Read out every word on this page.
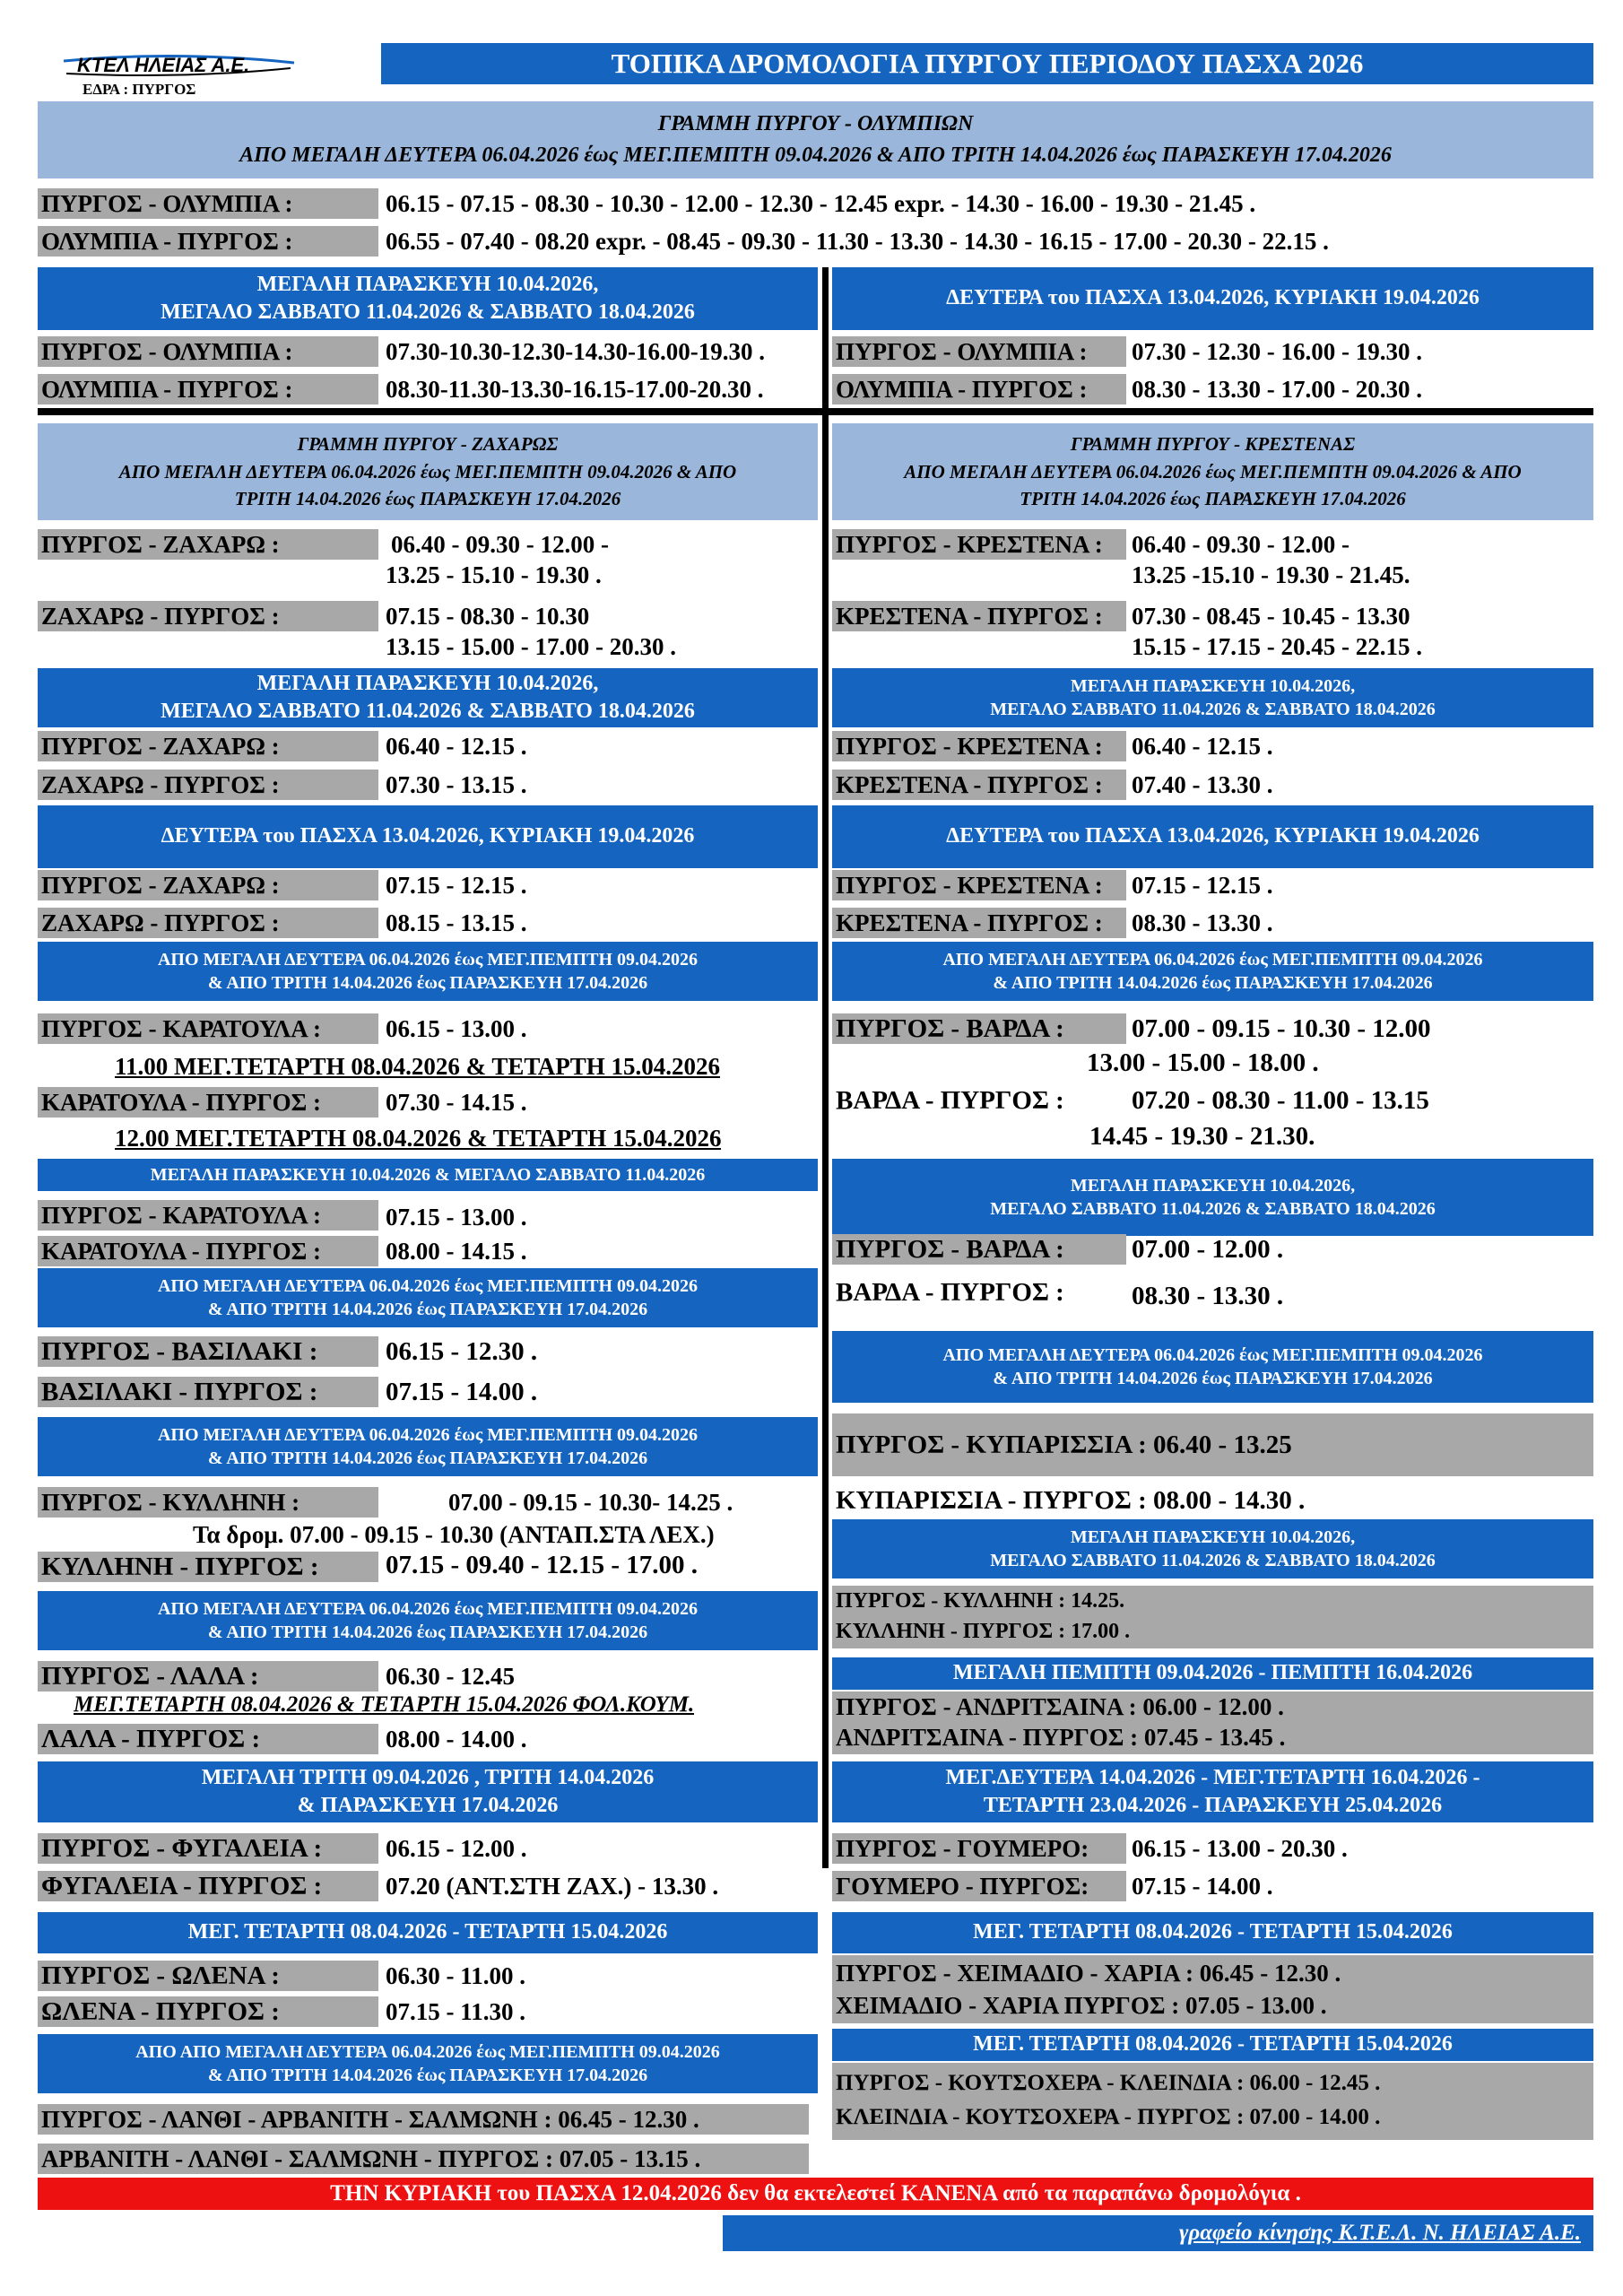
ΚΤΕΛ ΗΛΕΙΑΣ Α.Ε.
ΕΔΡΑ : ΠΥΡΓΟΣ
ΤΟΠΙΚΑ ΔΡΟΜΟΛΟΓΙΑ ΠΥΡΓΟΥ ΠΕΡΙΟΔΟΥ ΠΑΣΧΑ 2026
ΓΡΑΜΜΗ ΠΥΡΓΟΥ - ΟΛΥΜΠΙΩΝ
ΑΠΟ ΜΕΓΑΛΗ ΔΕΥΤΕΡΑ 06.04.2026 έως ΜΕΓ.ΠΕΜΠΤΗ 09.04.2026 & ΑΠΟ ΤΡΙΤΗ 14.04.2026 έως ΠΑΡΑΣΚΕΥΗ 17.04.2026
ΠΥΡΓΟΣ - ΟΛΥΜΠΙΑ :	06.15 - 07.15 - 08.30 - 10.30 - 12.00 - 12.30 - 12.45 expr. - 14.30 - 16.00 - 19.30 - 21.45 .
ΟΛΥΜΠΙΑ - ΠΥΡΓΟΣ :	06.55 - 07.40 - 08.20 expr. - 08.45 - 09.30 - 11.30 - 13.30 - 14.30 - 16.15 - 17.00 - 20.30 - 22.15 .
ΜΕΓΑΛΗ ΠΑΡΑΣΚΕΥΗ 10.04.2026,
ΜΕΓΑΛΟ ΣΑΒΒΑΤΟ 11.04.2026 & ΣΑΒΒΑΤΟ 18.04.2026
ΔΕΥΤΕΡΑ του ΠΑΣΧΑ 13.04.2026, ΚΥΡΙΑΚΗ 19.04.2026
ΠΥΡΓΟΣ - ΟΛΥΜΠΙΑ :	07.30-10.30-12.30-14.30-16.00-19.30 .
ΟΛΥΜΠΙΑ - ΠΥΡΓΟΣ :	08.30-11.30-13.30-16.15-17.00-20.30 .
ΠΥΡΓΟΣ - ΟΛΥΜΠΙΑ :	07.30 - 12.30 - 16.00 - 19.30 .
ΟΛΥΜΠΙΑ - ΠΥΡΓΟΣ :	08.30 - 13.30 - 17.00 - 20.30 .
ΓΡΑΜΜΗ ΠΥΡΓΟΥ - ΖΑΧΑΡΩΣ
ΑΠΟ ΜΕΓΑΛΗ ΔΕΥΤΕΡΑ 06.04.2026 έως ΜΕΓ.ΠΕΜΠΤΗ 09.04.2026 & ΑΠΟ
ΤΡΙΤΗ 14.04.2026 έως ΠΑΡΑΣΚΕΥΗ 17.04.2026
ΠΥΡΓΟΣ - ΖΑΧΑΡΩ :	06.40 - 09.30 - 12.00 -
13.25 - 15.10 - 19.30 .
ΖΑΧΑΡΩ - ΠΥΡΓΟΣ :	07.15 - 08.30 - 10.30
13.15 - 15.00 - 17.00 - 20.30 .
ΜΕΓΑΛΗ ΠΑΡΑΣΚΕΥΗ 10.04.2026,
ΜΕΓΑΛΟ ΣΑΒΒΑΤΟ 11.04.2026 & ΣΑΒΒΑΤΟ 18.04.2026
ΠΥΡΓΟΣ - ΖΑΧΑΡΩ :	06.40 - 12.15 .
ΖΑΧΑΡΩ - ΠΥΡΓΟΣ :	07.30 - 13.15 .
ΔΕΥΤΕΡΑ του ΠΑΣΧΑ 13.04.2026, ΚΥΡΙΑΚΗ 19.04.2026
ΠΥΡΓΟΣ - ΖΑΧΑΡΩ :	07.15 - 12.15 .
ΖΑΧΑΡΩ - ΠΥΡΓΟΣ :	08.15 - 13.15 .
ΑΠΟ ΜΕΓΑΛΗ ΔΕΥΤΕΡΑ 06.04.2026 έως ΜΕΓ.ΠΕΜΠΤΗ 09.04.2026
& ΑΠΟ ΤΡΙΤΗ 14.04.2026 έως ΠΑΡΑΣΚΕΥΗ 17.04.2026
ΠΥΡΓΟΣ - ΚΑΡΑΤΟΥΛΑ :	06.15 - 13.00 .
11.00 ΜΕΓ.ΤΕΤΑΡΤΗ 08.04.2026 & ΤΕΤΑΡΤΗ 15.04.2026
ΚΑΡΑΤΟΥΛΑ - ΠΥΡΓΟΣ :	07.30 - 14.15 .
12.00 ΜΕΓ.ΤΕΤΑΡΤΗ 08.04.2026 & ΤΕΤΑΡΤΗ 15.04.2026
ΜΕΓΑΛΗ ΠΑΡΑΣΚΕΥΗ 10.04.2026 & ΜΕΓΑΛΟ ΣΑΒΒΑΤΟ 11.04.2026
ΠΥΡΓΟΣ - ΚΑΡΑΤΟΥΛΑ :	07.15 - 13.00 .
ΚΑΡΑΤΟΥΛΑ - ΠΥΡΓΟΣ :	08.00 - 14.15 .
ΑΠΟ ΜΕΓΑΛΗ ΔΕΥΤΕΡΑ 06.04.2026 έως ΜΕΓ.ΠΕΜΠΤΗ 09.04.2026
& ΑΠΟ ΤΡΙΤΗ 14.04.2026 έως ΠΑΡΑΣΚΕΥΗ 17.04.2026
ΠΥΡΓΟΣ - ΒΑΣΙΛΑΚΙ :	06.15 - 12.30 .
ΒΑΣΙΛΑΚΙ - ΠΥΡΓΟΣ :	07.15 - 14.00 .
ΑΠΟ ΜΕΓΑΛΗ ΔΕΥΤΕΡΑ 06.04.2026 έως ΜΕΓ.ΠΕΜΠΤΗ 09.04.2026
& ΑΠΟ ΤΡΙΤΗ 14.04.2026 έως ΠΑΡΑΣΚΕΥΗ 17.04.2026
ΠΥΡΓΟΣ - ΚΥΛΛΗΝΗ :	07.00 - 09.15 - 10.30- 14.25 .
Τα δρομ. 07.00 - 09.15 - 10.30 (ΑΝΤΑΠ.ΣΤΑ ΛΕΧ.)
ΚΥΛΛΗΝΗ - ΠΥΡΓΟΣ :	07.15 - 09.40 - 12.15 - 17.00 .
ΑΠΟ ΜΕΓΑΛΗ ΔΕΥΤΕΡΑ 06.04.2026 έως ΜΕΓ.ΠΕΜΠΤΗ 09.04.2026
& ΑΠΟ ΤΡΙΤΗ 14.04.2026 έως ΠΑΡΑΣΚΕΥΗ 17.04.2026
ΠΥΡΓΟΣ - ΛΑΛΑ :	06.30 - 12.45
ΜΕΓ.ΤΕΤΑΡΤΗ 08.04.2026 & ΤΕΤΑΡΤΗ 15.04.2026 ΦΟΛ.ΚΟΥΜ.
ΛΑΛΑ - ΠΥΡΓΟΣ :	08.00 - 14.00 .
ΜΕΓΑΛΗ ΤΡΙΤΗ 09.04.2026 , ΤΡΙΤΗ 14.04.2026
& ΠΑΡΑΣΚΕΥΗ 17.04.2026
ΠΥΡΓΟΣ - ΦΥΓΑΛΕΙΑ :	06.15 - 12.00 .
ΦΥΓΑΛΕΙΑ - ΠΥΡΓΟΣ :	07.20 (ΑΝΤ.ΣΤΗ ΖΑΧ.) - 13.30 .
ΜΕΓ. ΤΕΤΑΡΤΗ 08.04.2026 - ΤΕΤΑΡΤΗ 15.04.2026
ΠΥΡΓΟΣ - ΩΛΕΝΑ :	06.30 - 11.00 .
ΩΛΕΝΑ - ΠΥΡΓΟΣ :	07.15 - 11.30 .
ΑΠΟ ΑΠΟ ΜΕΓΑΛΗ ΔΕΥΤΕΡΑ 06.04.2026 έως ΜΕΓ.ΠΕΜΠΤΗ 09.04.2026
& ΑΠΟ ΤΡΙΤΗ 14.04.2026 έως ΠΑΡΑΣΚΕΥΗ 17.04.2026
ΠΥΡΓΟΣ - ΛΑΝΘΙ - ΑΡΒΑΝΙΤΗ - ΣΑΛΜΩΝΗ : 06.45 - 12.30 .
ΑΡΒΑΝΙΤΗ - ΛΑΝΘΙ - ΣΑΛΜΩΝΗ - ΠΥΡΓΟΣ : 07.05 - 13.15 .
ΓΡΑΜΜΗ ΠΥΡΓΟΥ - ΚΡΕΣΤΕΝΑΣ
ΑΠΟ ΜΕΓΑΛΗ ΔΕΥΤΕΡΑ 06.04.2026 έως ΜΕΓ.ΠΕΜΠΤΗ 09.04.2026 & ΑΠΟ
ΤΡΙΤΗ 14.04.2026 έως ΠΑΡΑΣΚΕΥΗ 17.04.2026
ΠΥΡΓΟΣ - ΚΡΕΣΤΕΝΑ :	06.40 - 09.30 - 12.00 -
13.25 -15.10 - 19.30 - 21.45.
ΚΡΕΣΤΕΝΑ - ΠΥΡΓΟΣ :	07.30 - 08.45 - 10.45 - 13.30
15.15 - 17.15 - 20.45 - 22.15 .
ΜΕΓΑΛΗ ΠΑΡΑΣΚΕΥΗ 10.04.2026,
ΜΕΓΑΛΟ ΣΑΒΒΑΤΟ 11.04.2026 & ΣΑΒΒΑΤΟ 18.04.2026
ΠΥΡΓΟΣ - ΚΡΕΣΤΕΝΑ :	06.40 - 12.15 .
ΚΡΕΣΤΕΝΑ - ΠΥΡΓΟΣ :	07.40 - 13.30 .
ΔΕΥΤΕΡΑ του ΠΑΣΧΑ 13.04.2026, ΚΥΡΙΑΚΗ 19.04.2026
ΠΥΡΓΟΣ - ΚΡΕΣΤΕΝΑ :	07.15 - 12.15 .
ΚΡΕΣΤΕΝΑ - ΠΥΡΓΟΣ :	08.30 - 13.30 .
ΑΠΟ ΜΕΓΑΛΗ ΔΕΥΤΕΡΑ 06.04.2026 έως ΜΕΓ.ΠΕΜΠΤΗ 09.04.2026
& ΑΠΟ ΤΡΙΤΗ 14.04.2026 έως ΠΑΡΑΣΚΕΥΗ 17.04.2026
ΠΥΡΓΟΣ - ΒΑΡΔΑ :	07.00 - 09.15 - 10.30 - 12.00
13.00 - 15.00 - 18.00 .
ΒΑΡΔΑ - ΠΥΡΓΟΣ :	07.20 - 08.30 - 11.00 - 13.15
14.45 - 19.30 - 21.30.
ΜΕΓΑΛΗ ΠΑΡΑΣΚΕΥΗ 10.04.2026,
ΜΕΓΑΛΟ ΣΑΒΒΑΤΟ 11.04.2026 & ΣΑΒΒΑΤΟ 18.04.2026
ΠΥΡΓΟΣ - ΒΑΡΔΑ :	07.00 - 12.00 .
ΒΑΡΔΑ - ΠΥΡΓΟΣ :	08.30 - 13.30 .
ΑΠΟ ΜΕΓΑΛΗ ΔΕΥΤΕΡΑ 06.04.2026 έως ΜΕΓ.ΠΕΜΠΤΗ 09.04.2026
& ΑΠΟ ΤΡΙΤΗ 14.04.2026 έως ΠΑΡΑΣΚΕΥΗ 17.04.2026
ΠΥΡΓΟΣ - ΚΥΠΑΡΙΣΣΙΑ : 06.40 - 13.25
ΚΥΠΑΡΙΣΣΙΑ - ΠΥΡΓΟΣ : 08.00 - 14.30 .
ΜΕΓΑΛΗ ΠΑΡΑΣΚΕΥΗ 10.04.2026,
ΜΕΓΑΛΟ ΣΑΒΒΑΤΟ 11.04.2026 & ΣΑΒΒΑΤΟ 18.04.2026
ΠΥΡΓΟΣ - ΚΥΛΛΗΝΗ : 14.25.
ΚΥΛΛΗΝΗ - ΠΥΡΓΟΣ : 17.00 .
ΜΕΓΑΛΗ ΠΕΜΠΤΗ 09.04.2026 - ΠΕΜΠΤΗ 16.04.2026
ΠΥΡΓΟΣ - ΑΝΔΡΙΤΣΑΙΝΑ : 06.00 - 12.00 .
ΑΝΔΡΙΤΣΑΙΝΑ - ΠΥΡΓΟΣ : 07.45 - 13.45 .
ΜΕΓ.ΔΕΥΤΕΡΑ 14.04.2026 - ΜΕΓ.ΤΕΤΑΡΤΗ 16.04.2026 -
ΤΕΤΑΡΤΗ 23.04.2026 - ΠΑΡΑΣΚΕΥΗ 25.04.2026
ΠΥΡΓΟΣ - ΓΟΥΜΕΡΟ:	06.15 - 13.00 - 20.30 .
ΓΟΥΜΕΡΟ - ΠΥΡΓΟΣ:	07.15 - 14.00 .
ΜΕΓ. ΤΕΤΑΡΤΗ 08.04.2026 - ΤΕΤΑΡΤΗ 15.04.2026
ΠΥΡΓΟΣ - ΧΕΙΜΑΔΙΟ - ΧΑΡΙΑ : 06.45 - 12.30 .
ΧΕΙΜΑΔΙΟ - ΧΑΡΙΑ ΠΥΡΓΟΣ : 07.05 - 13.00 .
ΜΕΓ. ΤΕΤΑΡΤΗ 08.04.2026 - ΤΕΤΑΡΤΗ 15.04.2026
ΠΥΡΓΟΣ - ΚΟΥΤΣΟΧΕΡΑ - ΚΛΕΙΝΔΙΑ : 06.00 - 12.45 .
ΚΛΕΙΝΔΙΑ - ΚΟΥΤΣΟΧΕΡΑ - ΠΥΡΓΟΣ : 07.00 - 14.00 .
ΤΗΝ ΚΥΡΙΑΚΗ του ΠΑΣΧΑ 12.04.2026 δεν θα εκτελεστεί ΚΑΝΕΝΑ από τα παραπάνω δρομολόγια .
γραφείο κίνησης Κ.Τ.Ε.Λ. Ν. ΗΛΕΙΑΣ Α.Ε.
